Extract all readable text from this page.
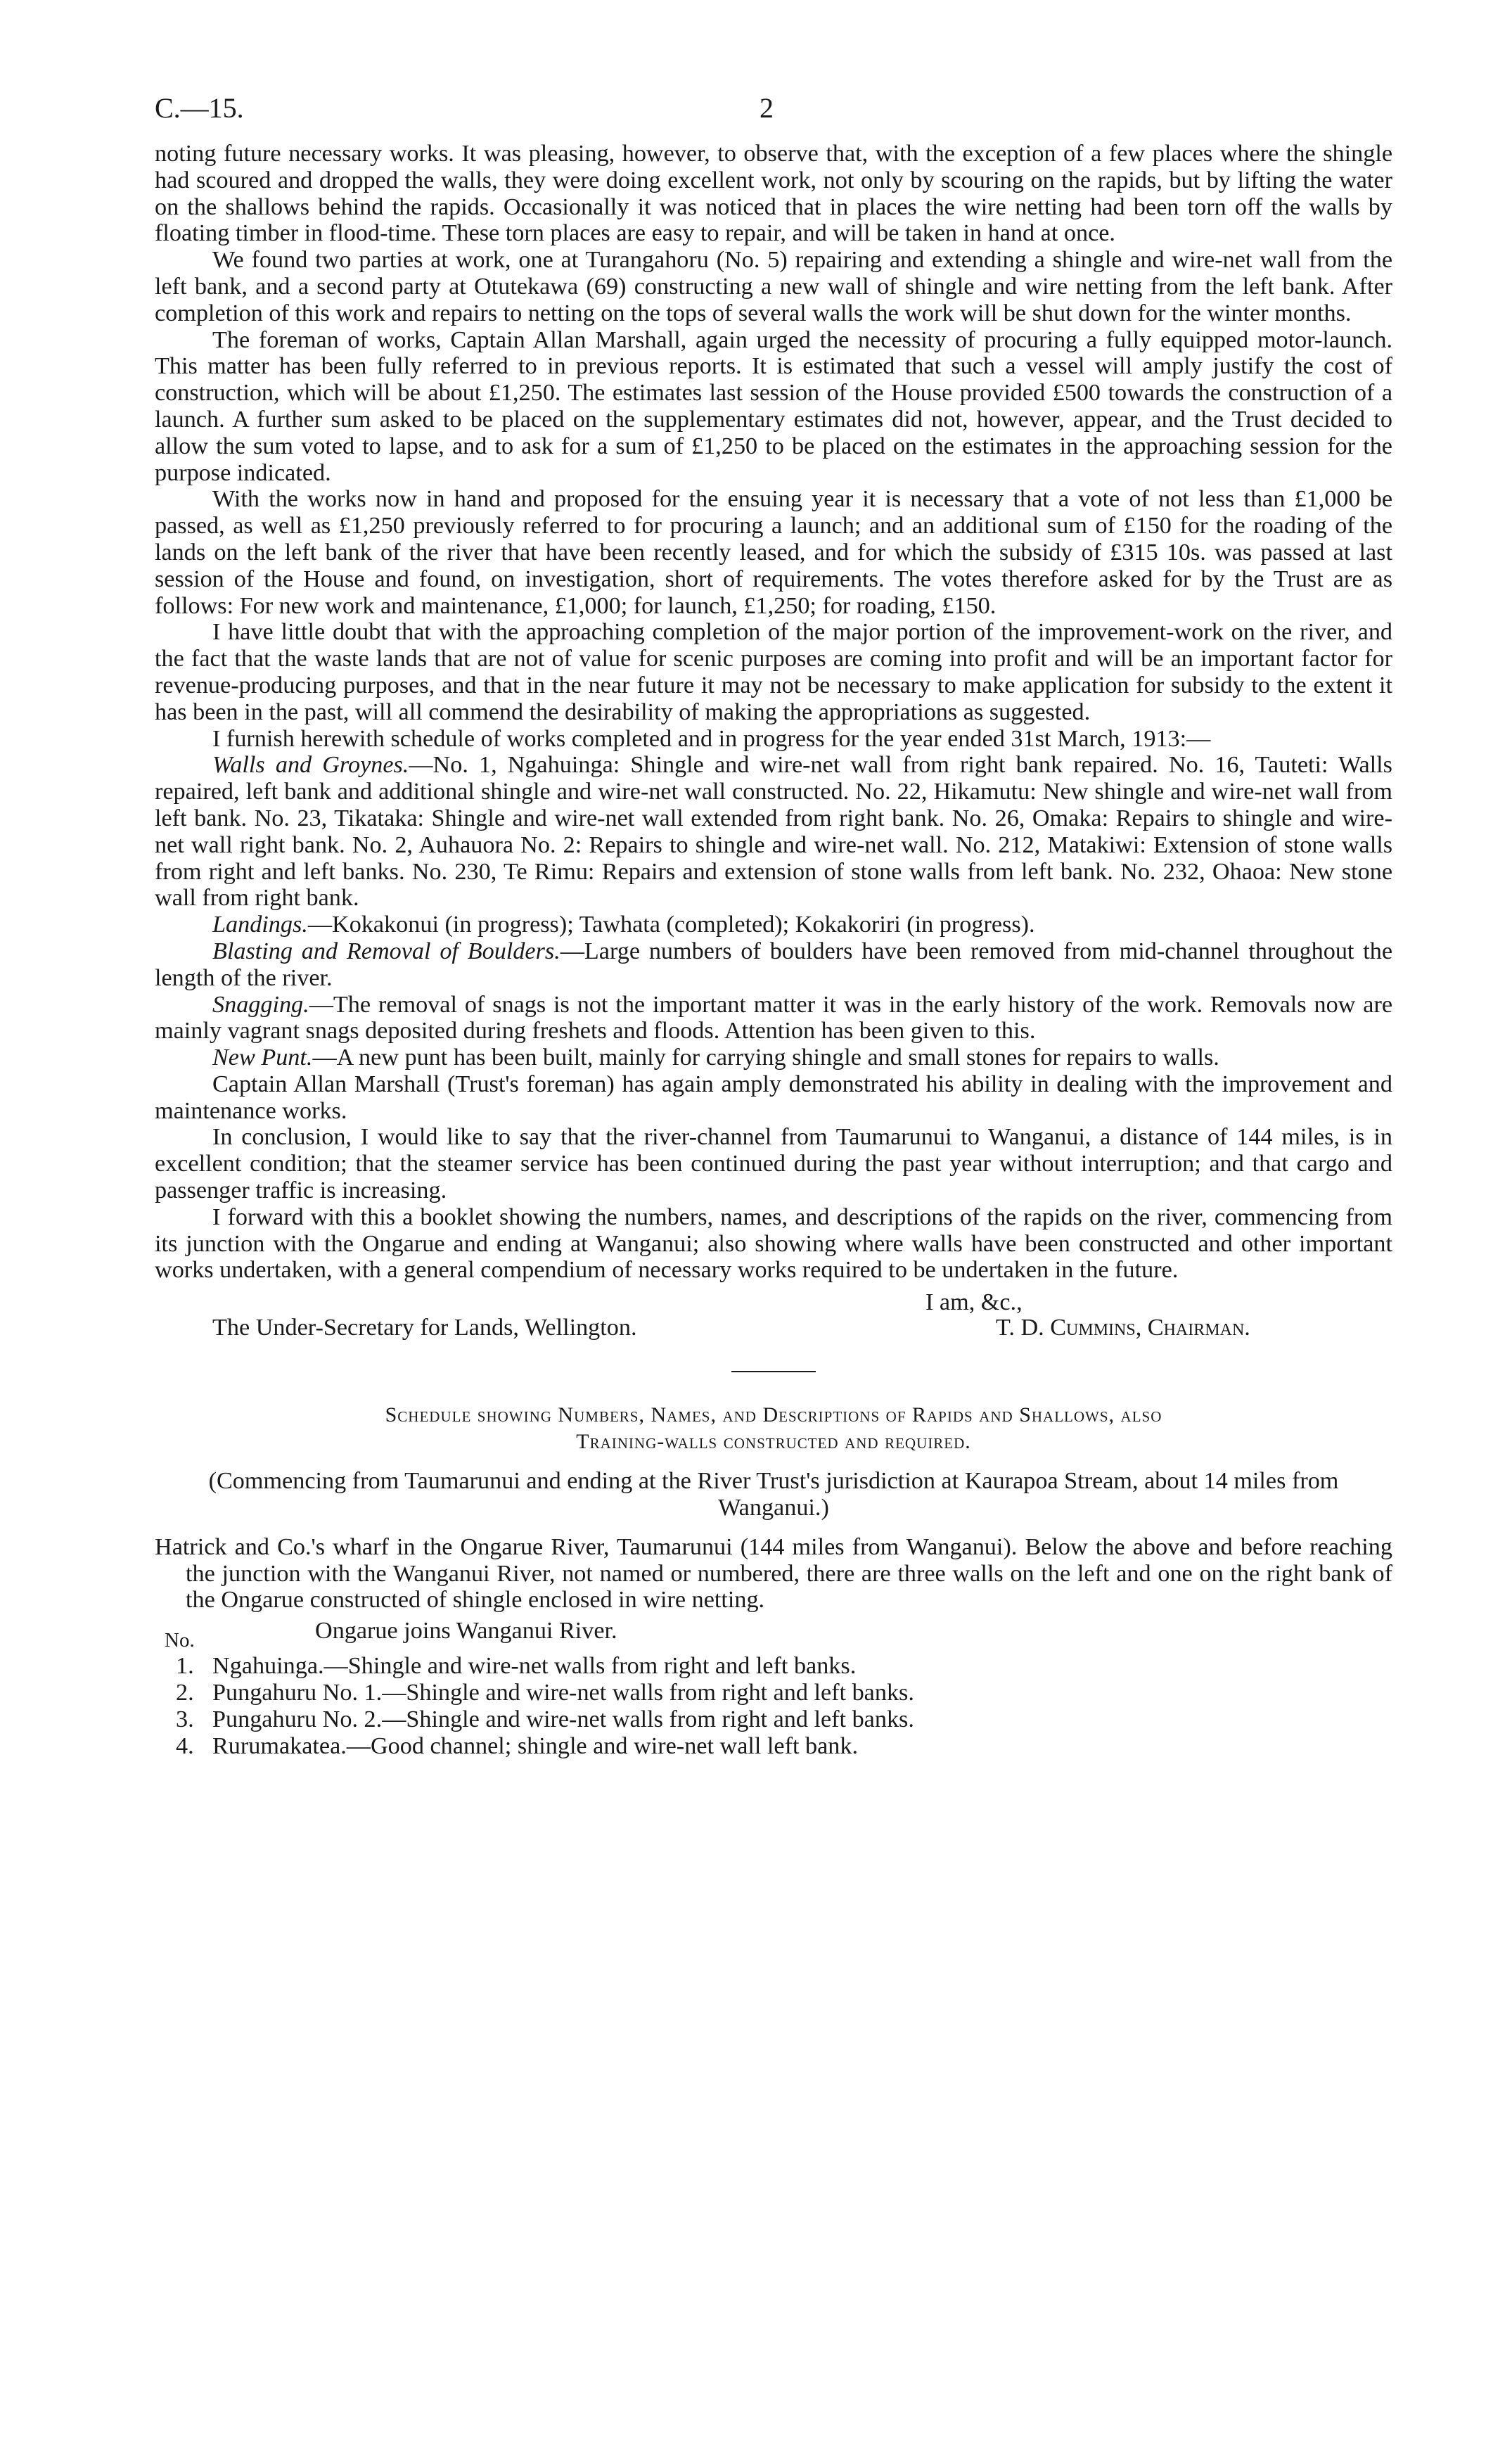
C.—15.	2

noting future necessary works. It was pleasing, however, to observe that, with the exception of a few places where the shingle had scoured and dropped the walls, they were doing excellent work, not only by scouring on the rapids, but by lifting the water on the shallows behind the rapids. Occasionally it was noticed that in places the wire netting had been torn off the walls by floating timber in flood-time. These torn places are easy to repair, and will be taken in hand at once.

We found two parties at work, one at Turangahoru (No. 5) repairing and extending a shingle and wire-net wall from the left bank, and a second party at Otutekawa (69) constructing a new wall of shingle and wire netting from the left bank. After completion of this work and repairs to netting on the tops of several walls the work will be shut down for the winter months.

The foreman of works, Captain Allan Marshall, again urged the necessity of procuring a fully equipped motor-launch. This matter has been fully referred to in previous reports. It is estimated that such a vessel will amply justify the cost of construction, which will be about £1,250. The estimates last session of the House provided £500 towards the construction of a launch. A further sum asked to be placed on the supplementary estimates did not, however, appear, and the Trust decided to allow the sum voted to lapse, and to ask for a sum of £1,250 to be placed on the estimates in the approaching session for the purpose indicated.

With the works now in hand and proposed for the ensuing year it is necessary that a vote of not less than £1,000 be passed, as well as £1,250 previously referred to for procuring a launch; and an additional sum of £150 for the roading of the lands on the left bank of the river that have been recently leased, and for which the subsidy of £315 10s. was passed at last session of the House and found, on investigation, short of requirements. The votes therefore asked for by the Trust are as follows: For new work and maintenance, £1,000; for launch, £1,250; for roading, £150.

I have little doubt that with the approaching completion of the major portion of the improvement-work on the river, and the fact that the waste lands that are not of value for scenic purposes are coming into profit and will be an important factor for revenue-producing purposes, and that in the near future it may not be necessary to make application for subsidy to the extent it has been in the past, will all commend the desirability of making the appropriations as suggested.

I furnish herewith schedule of works completed and in progress for the year ended 31st March, 1913:—

Walls and Groynes.—No. 1, Ngahuinga: Shingle and wire-net wall from right bank repaired. No. 16, Tauteti: Walls repaired, left bank and additional shingle and wire-net wall constructed. No. 22, Hikamutu: New shingle and wire-net wall from left bank. No. 23, Tikataka: Shingle and wire-net wall extended from right bank. No. 26, Omaka: Repairs to shingle and wire-net wall right bank. No. 2, Auhauora No. 2: Repairs to shingle and wire-net wall. No. 212, Matakiwi: Extension of stone walls from right and left banks. No. 230, Te Rimu: Repairs and extension of stone walls from left bank. No. 232, Ohaoa: New stone wall from right bank.

Landings.—Kokakonui (in progress); Tawhata (completed); Kokakoriri (in progress).

Blasting and Removal of Boulders.—Large numbers of boulders have been removed from mid-channel throughout the length of the river.

Snagging.—The removal of snags is not the important matter it was in the early history of the work. Removals now are mainly vagrant snags deposited during freshets and floods. Attention has been given to this.

New Punt.—A new punt has been built, mainly for carrying shingle and small stones for repairs to walls.

Captain Allan Marshall (Trust's foreman) has again amply demonstrated his ability in dealing with the improvement and maintenance works.

In conclusion, I would like to say that the river-channel from Taumarunui to Wanganui, a distance of 144 miles, is in excellent condition; that the steamer service has been continued during the past year without interruption; and that cargo and passenger traffic is increasing.

I forward with this a booklet showing the numbers, names, and descriptions of the rapids on the river, commencing from its junction with the Ongarue and ending at Wanganui; also showing where walls have been constructed and other important works undertaken, with a general compendium of necessary works required to be undertaken in the future.

I am, &c.,
The Under-Secretary for Lands, Wellington.	T. D. Cummins, Chairman.
Schedule showing Numbers, Names, and Descriptions of Rapids and Shallows, also
Training-walls constructed and required.

(Commencing from Taumarunui and ending at the River Trust's jurisdiction at Kaurapoa Stream, about 14 miles from Wanganui.)

Hatrick and Co.'s wharf in the Ongarue River, Taumarunui (144 miles from Wanganui). Below the above and before reaching the junction with the Wanganui River, not named or numbered, there are three walls on the left and one on the right bank of the Ongarue constructed of shingle enclosed in wire netting.

No.	Ongarue joins Wanganui River.
1. Ngahuinga.—Shingle and wire-net walls from right and left banks.
2. Pungahuru No. 1.—Shingle and wire-net walls from right and left banks.
3. Pungahuru No. 2.—Shingle and wire-net walls from right and left banks.
4. Rurumakatea.—Good channel; shingle and wire-net wall left bank.
